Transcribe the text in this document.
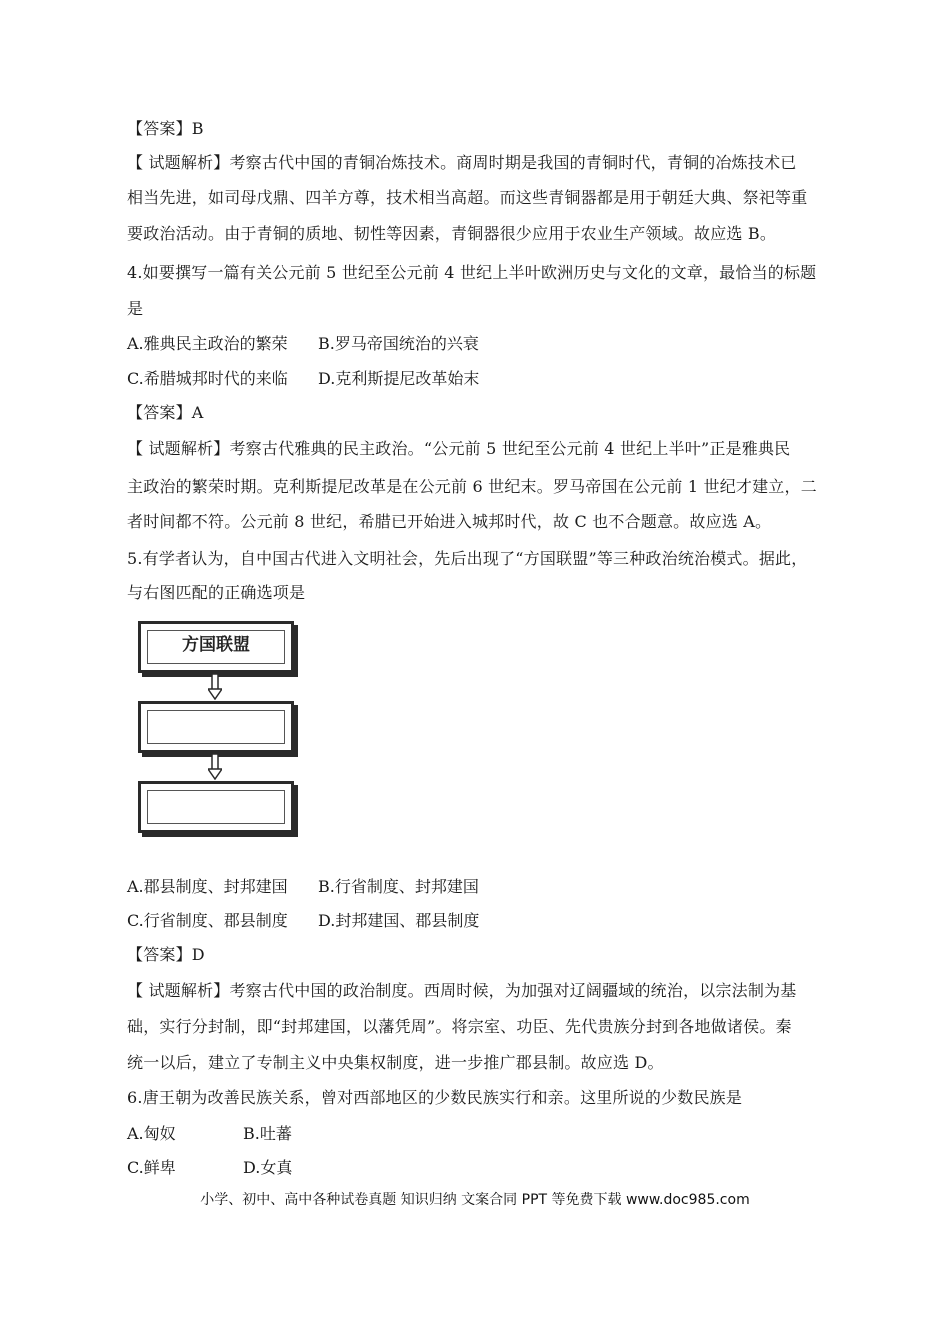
【答案】B
【 试题解析】考察古代中国的青铜冶炼技术。商周时期是我国的青铜时代，青铜的冶炼技术已
相当先进，如司母戊鼎、四羊方尊，技术相当高超。而这些青铜器都是用于朝廷大典、祭祀等重
要政治活动。由于青铜的质地、韧性等因素，青铜器很少应用于农业生产领域。故应选 B。
4.如要撰写一篇有关公元前 5 世纪至公元前 4 世纪上半叶欧洲历史与文化的文章，最恰当的标题
是
A.雅典民主政治的繁荣 B.罗马帝国统治的兴衰
C.希腊城邦时代的来临 D.克利斯提尼改革始末
【答案】A
【 试题解析】考察古代雅典的民主政治。“公元前 5 世纪至公元前 4 世纪上半叶”正是雅典民
主政治的繁荣时期。克利斯提尼改革是在公元前 6 世纪末。罗马帝国在公元前 1 世纪才建立，二
者时间都不符。公元前 8 世纪，希腊已开始进入城邦时代，故 C 也不合题意。故应选 A。
5.有学者认为，自中国古代进入文明社会，先后出现了“方国联盟”等三种政治统治模式。据此，
与右图匹配的正确选项是
方国联盟
A.郡县制度、封邦建国 B.行省制度、封邦建国
C.行省制度、郡县制度 D.封邦建国、郡县制度
【答案】D
【 试题解析】考察古代中国的政治制度。西周时候，为加强对辽阔疆域的统治，以宗法制为基
础，实行分封制，即“封邦建国，以藩凭周”。将宗室、功臣、先代贵族分封到各地做诸侯。秦
统一以后，建立了专制主义中央集权制度，进一步推广郡县制。故应选 D。
6.唐王朝为改善民族关系，曾对西部地区的少数民族实行和亲。这里所说的少数民族是
A.匈奴	B.吐蕃
C.鲜卑	D.女真
小学、初中、高中各种试卷真题 知识归纳 文案合同 PPT 等免费下载 www.doc985.com
